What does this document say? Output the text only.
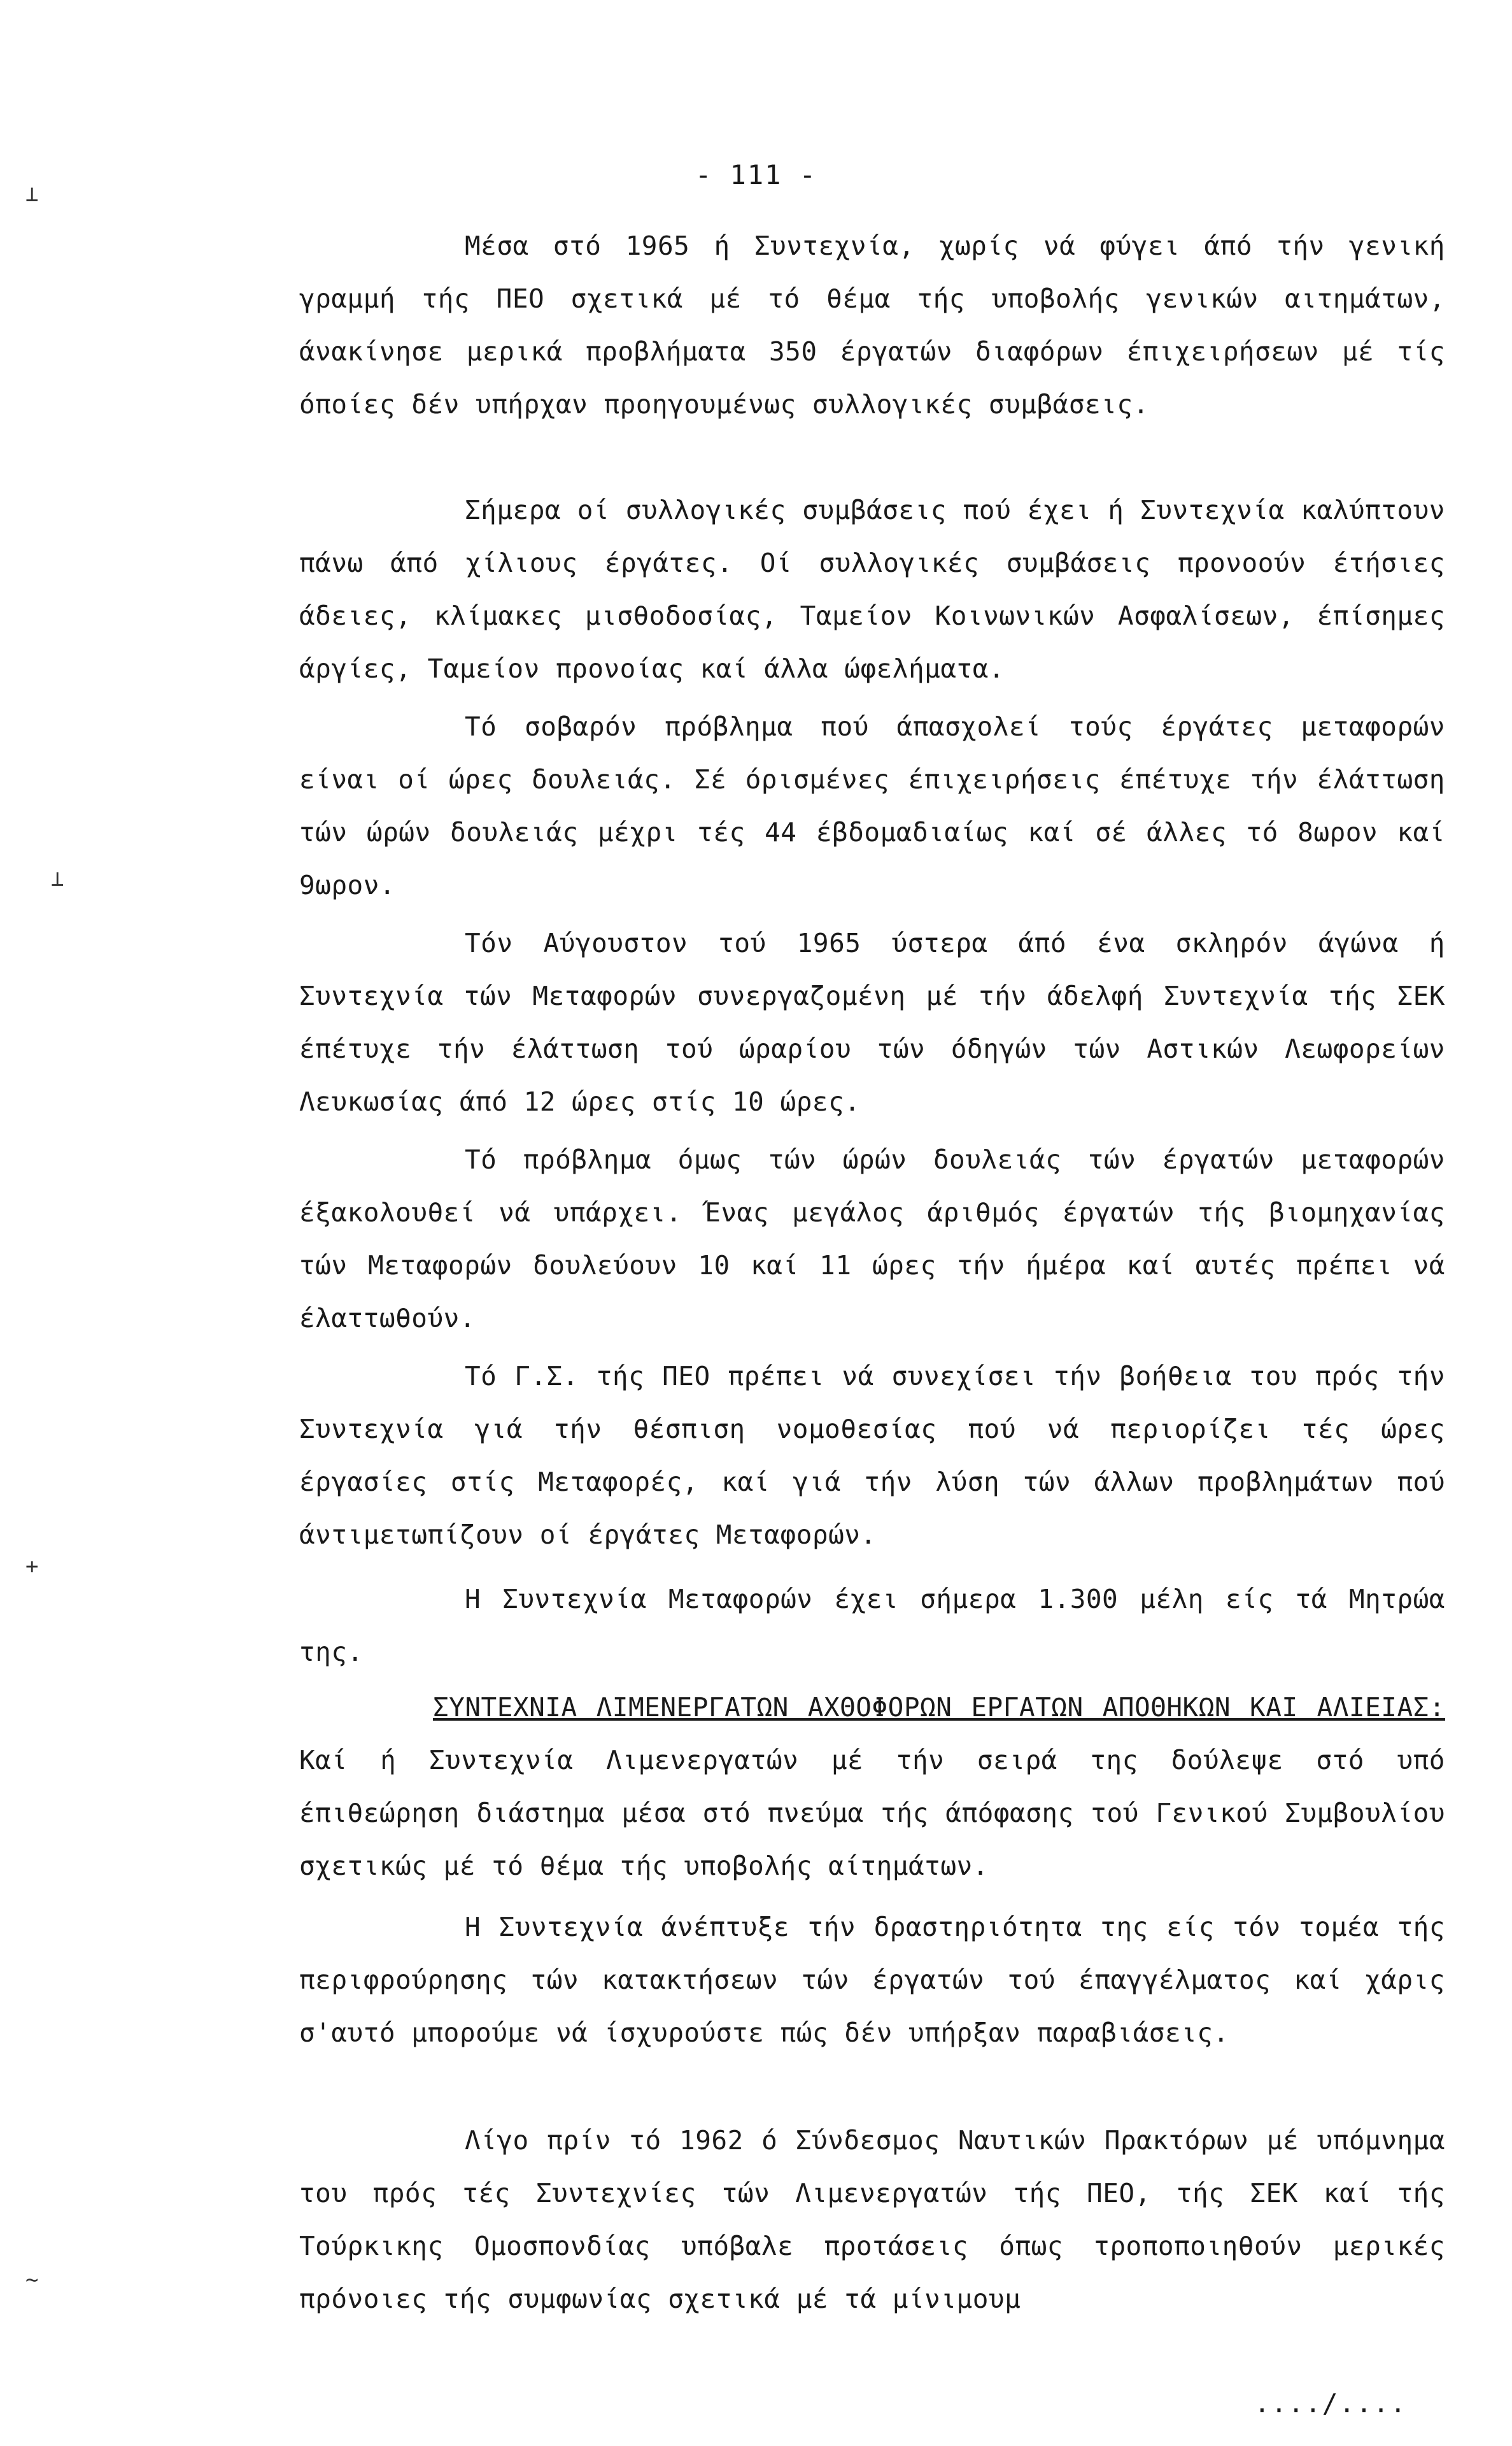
- 111 -

Μέσα στό 1965 ή Συντεχνία, χωρίς νά φύγει άπό τήν γενική γραμμή τής ΠΕΟ σχετικά μέ τό θέμα τής υποβολής γενικών αιτημάτων, άνακίνησε μερικά προβλήματα 350 έργατών διαφόρων έπιχειρήσεων μέ τίς όποίες δέν υπήρχαν προηγουμένως συλλογικές συμβάσεις.

Σήμερα οί συλλογικές συμβάσεις πού έχει ή Συντεχνία καλύπτουν πάνω άπό χίλιους έργάτες. Οί συλλογικές συμβάσεις προνοούν έτήσιες άδειες, κλίμακες μισθοδοσίας, Ταμείον Κοινωνικών Ασφαλίσεων, έπίσημες άργίες, Ταμείον προνοίας καί άλλα ώφελήματα.

Τό σοβαρόν πρόβλημα πού άπασχολεί τούς έργάτες μεταφορών είναι οί ώρες δουλειάς. Σέ όρισμένες έπιχειρήσεις έπέτυχε τήν έλάττωση τών ώρών δουλειάς μέχρι τές 44 έβδομαδιαίως καί σέ άλλες τό 8ωρον καί 9ωρον.

Τόν Αύγουστον τού 1965 ύστερα άπό ένα σκληρόν άγώνα ή Συντεχνία τών Μεταφορών συνεργαζομένη μέ τήν άδελφή Συντεχνία τής ΣΕΚ έπέτυχε τήν έλάττωση τού ώραρίου τών όδηγών τών Αστικών Λεωφορείων Λευκωσίας άπό 12 ώρες στίς 10 ώρες.

Τό πρόβλημα όμως τών ώρών δουλειάς τών έργατών μεταφορών έξακολουθεί νά υπάρχει. Ένας μεγάλος άριθμός έργατών τής βιομηχανίας τών Μεταφορών δουλεύουν 10 καί 11 ώρες τήν ήμέρα καί αυτές πρέπει νά έλαττωθούν.

Τό Γ.Σ. τής ΠΕΟ πρέπει νά συνεχίσει τήν βοήθεια του πρός τήν Συντεχνία γιά τήν θέσπιση νομοθεσίας πού νά περιορίζει τές ώρες έργασίες στίς Μεταφορές, καί γιά τήν λύση τών άλλων προβλημάτων πού άντιμετωπίζουν οί έργάτες Μεταφορών.

Η Συντεχνία Μεταφορών έχει σήμερα 1.300 μέλη είς τά Μητρώα της.

ΣΥΝΤΕΧΝΙΑ ΛΙΜΕΝΕΡΓΑΤΩΝ ΑΧΘΟΦΟΡΩΝ ΕΡΓΑΤΩΝ ΑΠΟΘΗΚΩΝ ΚΑΙ ΑΛΙΕΙΑΣ: Καί ή Συντεχνία Λιμενεργατών μέ τήν σειρά της δούλεψε στό υπό έπιθεώρηση διάστημα μέσα στό πνεύμα τής άπόφασης τού Γενικού Συμβουλίου σχετικώς μέ τό θέμα τής υποβολής αίτημάτων.

Η Συντεχνία άνέπτυξε τήν δραστηριότητα της είς τόν τομέα τής περιφρούρησης τών κατακτήσεων τών έργατών τού έπαγγέλματος καί χάρις σ'αυτό μπορούμε νά ίσχυρούστε πώς δέν υπήρξαν παραβιάσεις.

Λίγο πρίν τό 1962 ό Σύνδεσμος Ναυτικών Πρακτόρων μέ υπόμνημα του πρός τές Συντεχνίες τών Λιμενεργατών τής ΠΕΟ, τής ΣΕΚ καί τής Τούρκικης Ομοσπονδίας υπόβαλε προτάσεις όπως τροποποιηθούν μερικές πρόνοιες τής συμφωνίας σχετικά μέ τά μίνιμουμ

..../....
⊥
⊥
+
~
